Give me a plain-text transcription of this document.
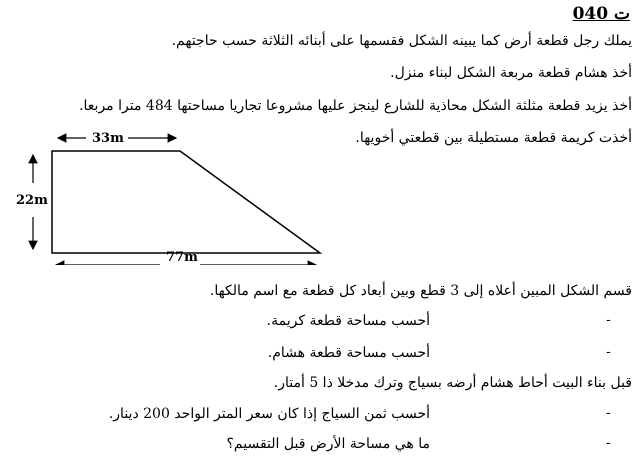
ت 040
يملك رجل قطعة أرض كما يبينه الشكل فقسمها على أبنائه الثلاثة حسب حاجتهم.
أخذ هشام قطعة مربعة الشكل لبناء منزل.
أخذ يزيد قطعة مثلثة الشكل محاذية للشارع لينجز عليها مشروعا تجاريا مساحتها 484 مترا مربعا.
أخذت كريمة قطعة مستطيلة بين قطعتي أخويها.
33m
22m
77m
قسم الشكل المبين أعلاه إلى 3 قطع وبين أبعاد كل قطعة مع اسم مالكها.
أحسب مساحة قطعة كريمة.	-
أحسب مساحة قطعة هشام.	-
قبل بناء البيت أحاط هشام أرضه بسياج وترك مدخلا ذا 5 أمتار.
أحسب ثمن السياج إذا كان سعر المتر الواحد 200 دينار.	-
ما هي مساحة الأرض قبل التقسيم؟	-
